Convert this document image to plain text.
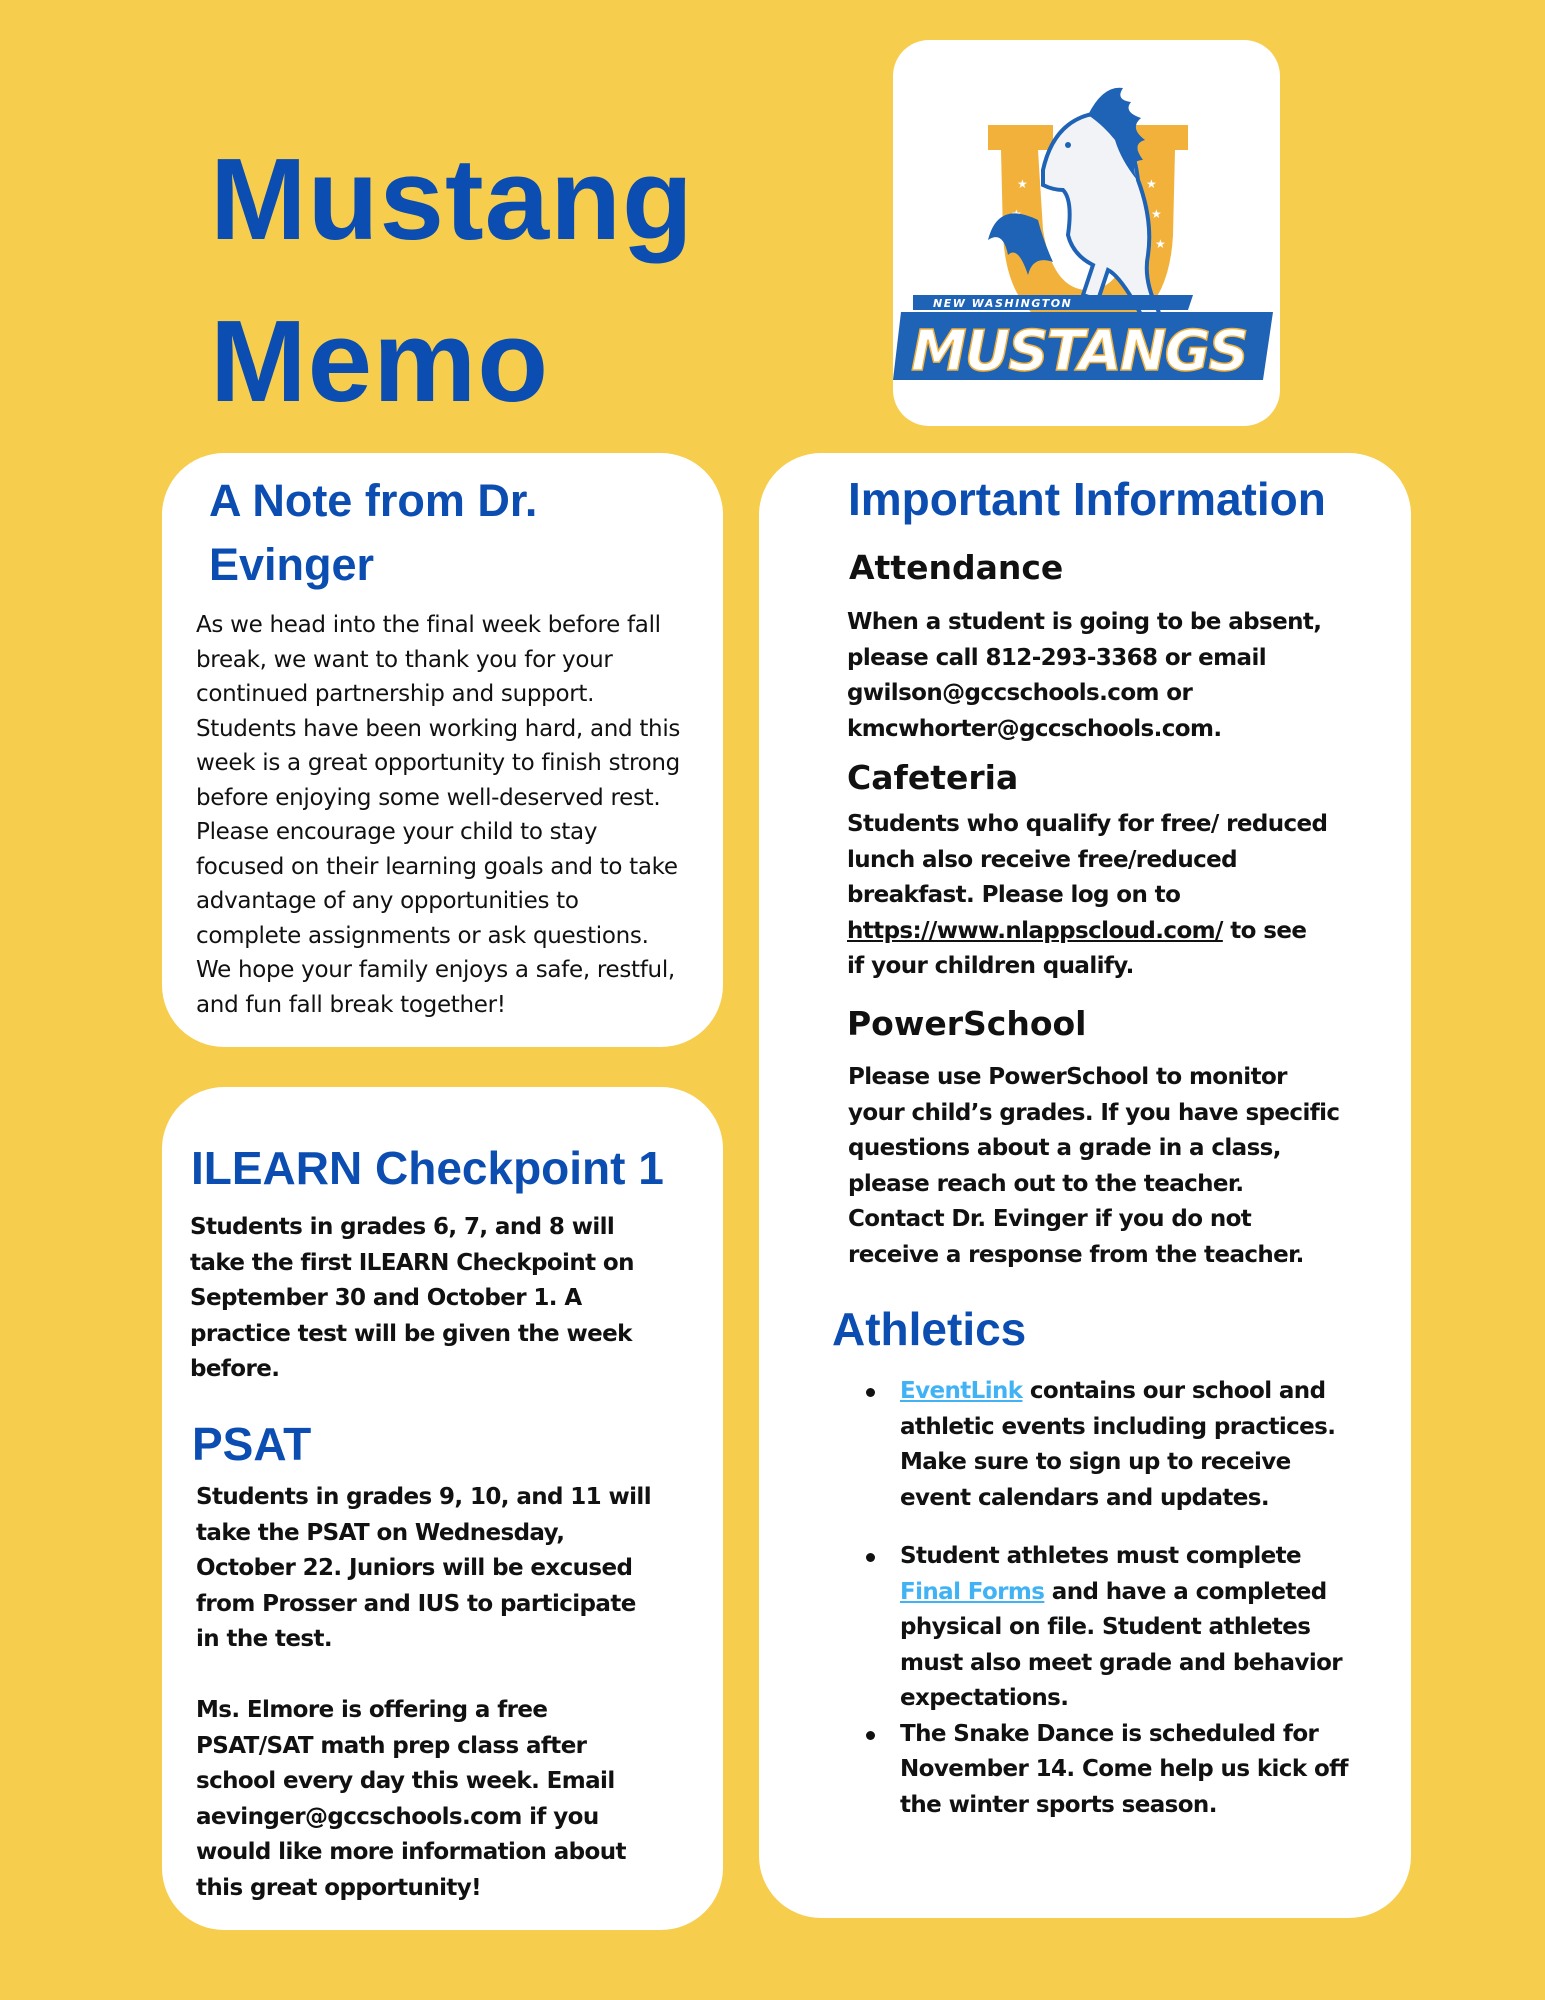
Mustang
Memo
★	★
★
★
NEW WASHINGTON
MUSTANGS
A Note from Dr.
Evinger
As we head into the final week before fall
break, we want to thank you for your
continued partnership and support.
Students have been working hard, and this
week is a great opportunity to finish strong
before enjoying some well-deserved rest.
Please encourage your child to stay
focused on their learning goals and to take
advantage of any opportunities to
complete assignments or ask questions.
We hope your family enjoys a safe, restful,
and fun fall break together!
ILEARN Checkpoint 1
Students in grades 6, 7, and 8 will
take the first ILEARN Checkpoint on
September 30 and October 1. A
practice test will be given the week
before.
PSAT
Students in grades 9, 10, and 11 will
take the PSAT on Wednesday,
October 22. Juniors will be excused
from Prosser and IUS to participate
in the test.
Ms. Elmore is offering a free
PSAT/SAT math prep class after
school every day this week. Email
aevinger@gccschools.com if you
would like more information about
this great opportunity!
Important Information
Attendance
When a student is going to be absent,
please call 812-293-3368 or email
gwilson@gccschools.com or
kmcwhorter@gccschools.com.
Cafeteria
Students who qualify for free/ reduced
lunch also receive free/reduced
breakfast. Please log on to
https://www.nlappscloud.com/ to see
if your children qualify.
PowerSchool
Please use PowerSchool to monitor
your child’s grades. If you have specific
questions about a grade in a class,
please reach out to the teacher.
Contact Dr. Evinger if you do not
receive a response from the teacher.
Athletics
EventLink contains our school and
athletic events including practices.
Make sure to sign up to receive
event calendars and updates.
Student athletes must complete
Final Forms and have a completed
physical on file. Student athletes
must also meet grade and behavior
expectations.
The Snake Dance is scheduled for
November 14. Come help us kick off
the winter sports season.
